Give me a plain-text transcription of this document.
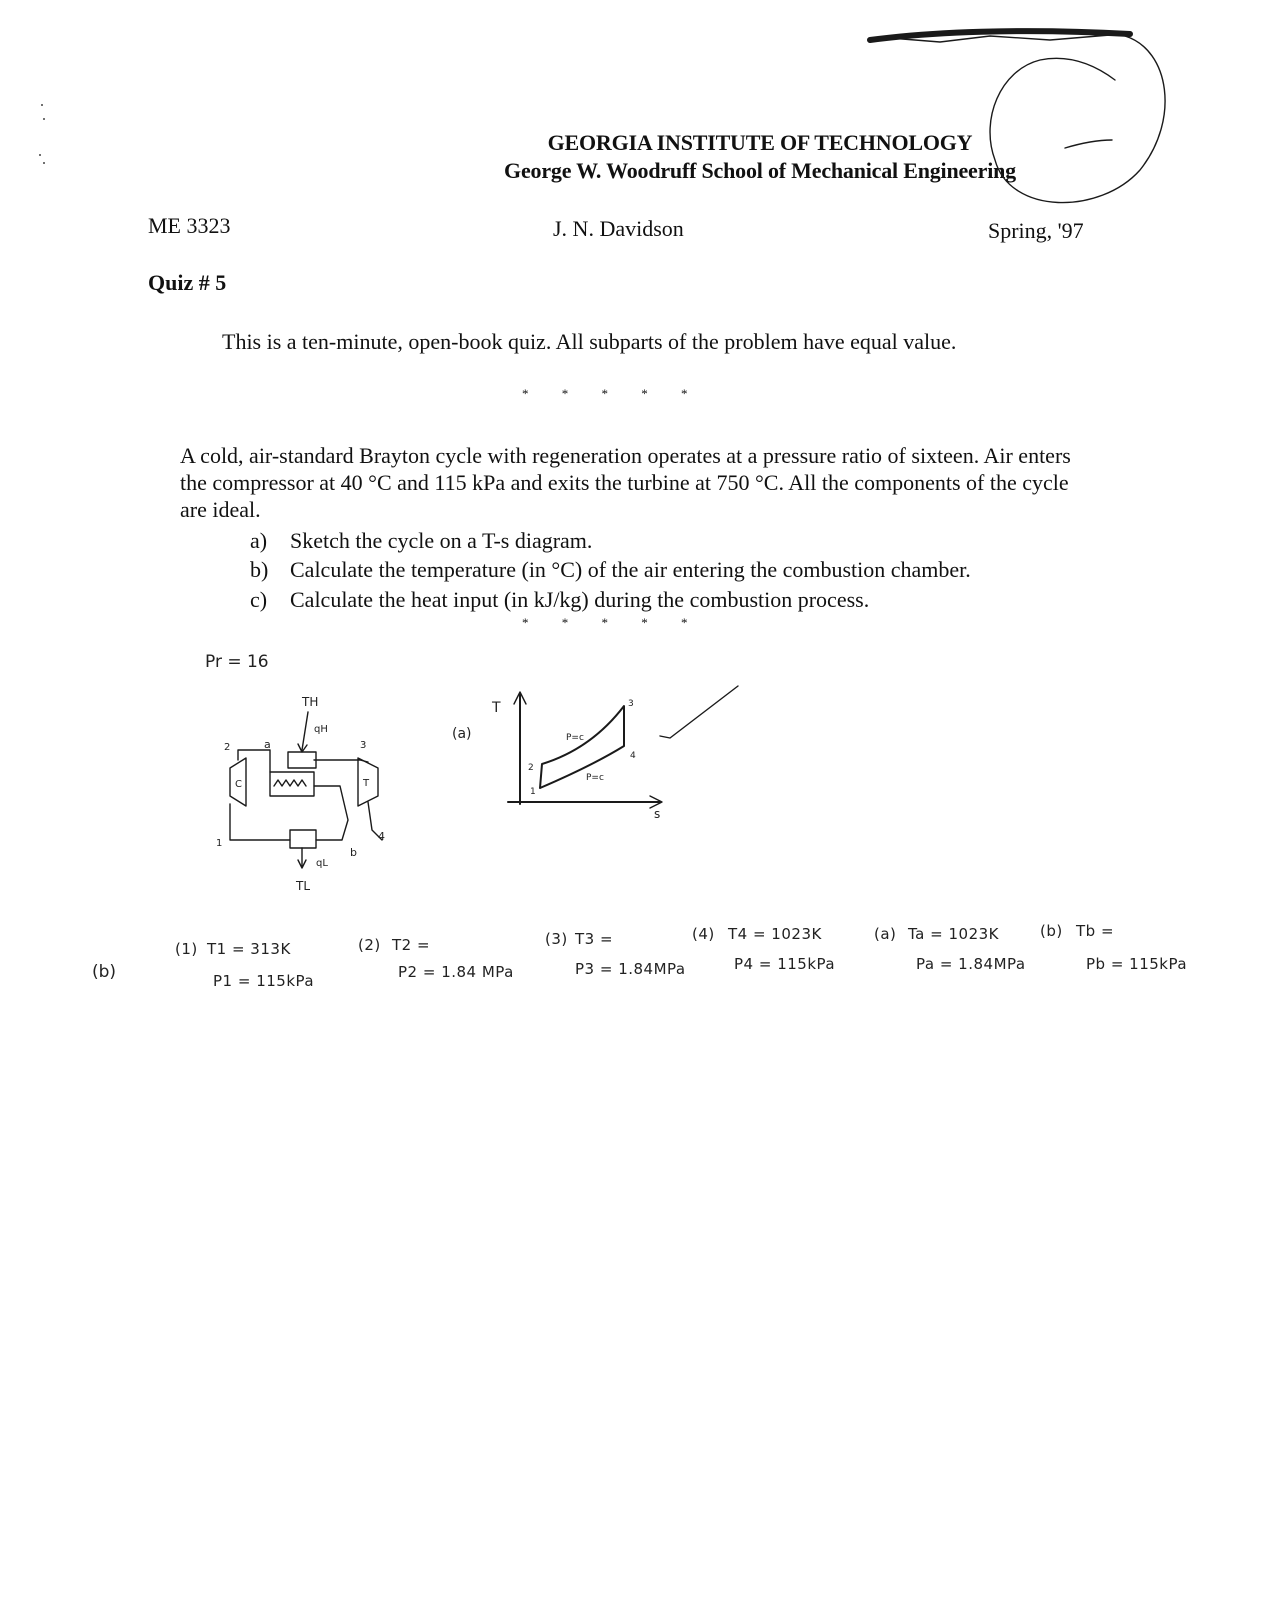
GEORGIA INSTITUTE OF TECHNOLOGY
George W. Woodruff School of Mechanical Engineering
ME 3323	J. N. Davidson	Spring, '97
Quiz # 5
This is a ten-minute, open-book quiz. All subparts of the problem have equal value.
* * * * *
A cold, air-standard Brayton cycle with regeneration operates at a pressure ratio of sixteen. Air enters the compressor at 40 °C and 115 kPa and exits the turbine at 750 °C. All the components of the cycle are ideal.
a) Sketch the cycle on a T-s diagram.
b) Calculate the temperature (in °C) of the air entering the combustion chamber.
c) Calculate the heat input (in kJ/kg) during the combustion process.
* * * * *
Pr = 16
TH
qH
C	T
2	a	3
4
1
b
qL
TL
(a)
T
s
1
2
3
4
P=c
P=c
(b)
(1) T1 = 313K
P1 = 115kPa
(2) T2 =
P2 = 1.84 MPa
(3) T3 =
P3 = 1.84MPa
(4) T4 = 1023K
P4 = 115kPa
(a) Ta = 1023K
Pa = 1.84MPa
(b) Tb =
Pb = 115kPa
